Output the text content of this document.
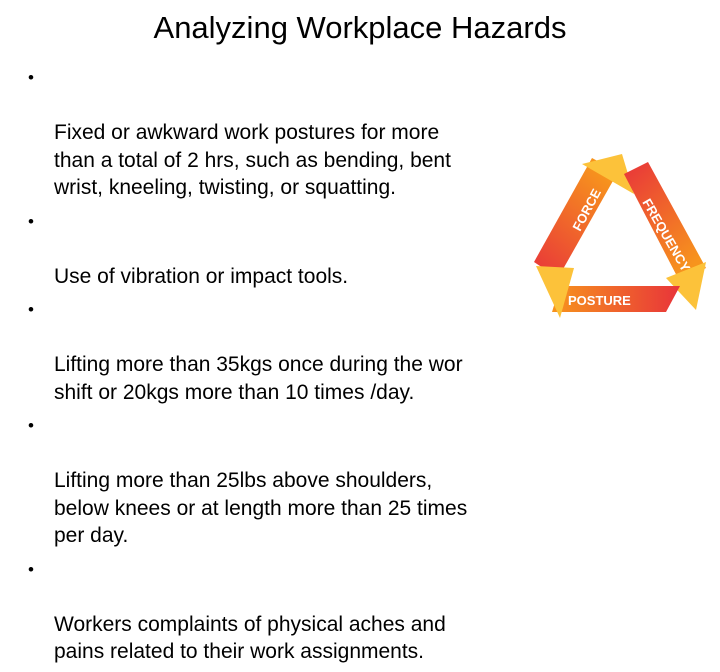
Analyzing Workplace Hazards

•

Fixed or awkward work postures for more
than a total of 2 hrs, such as bending, bent
wrist, kneeling, twisting, or squatting.

•

Use of vibration or impact tools.

•

Lifting more than 35kgs once during the wor
shift or 20kgs more than 10 times /day.

•

Lifting more than 25lbs above shoulders,
below knees or at length more than 25 times
per day.

•

Workers complaints of physical aches and
pains related to their work assignments.

FORCE	FREQUENCY
POSTURE
